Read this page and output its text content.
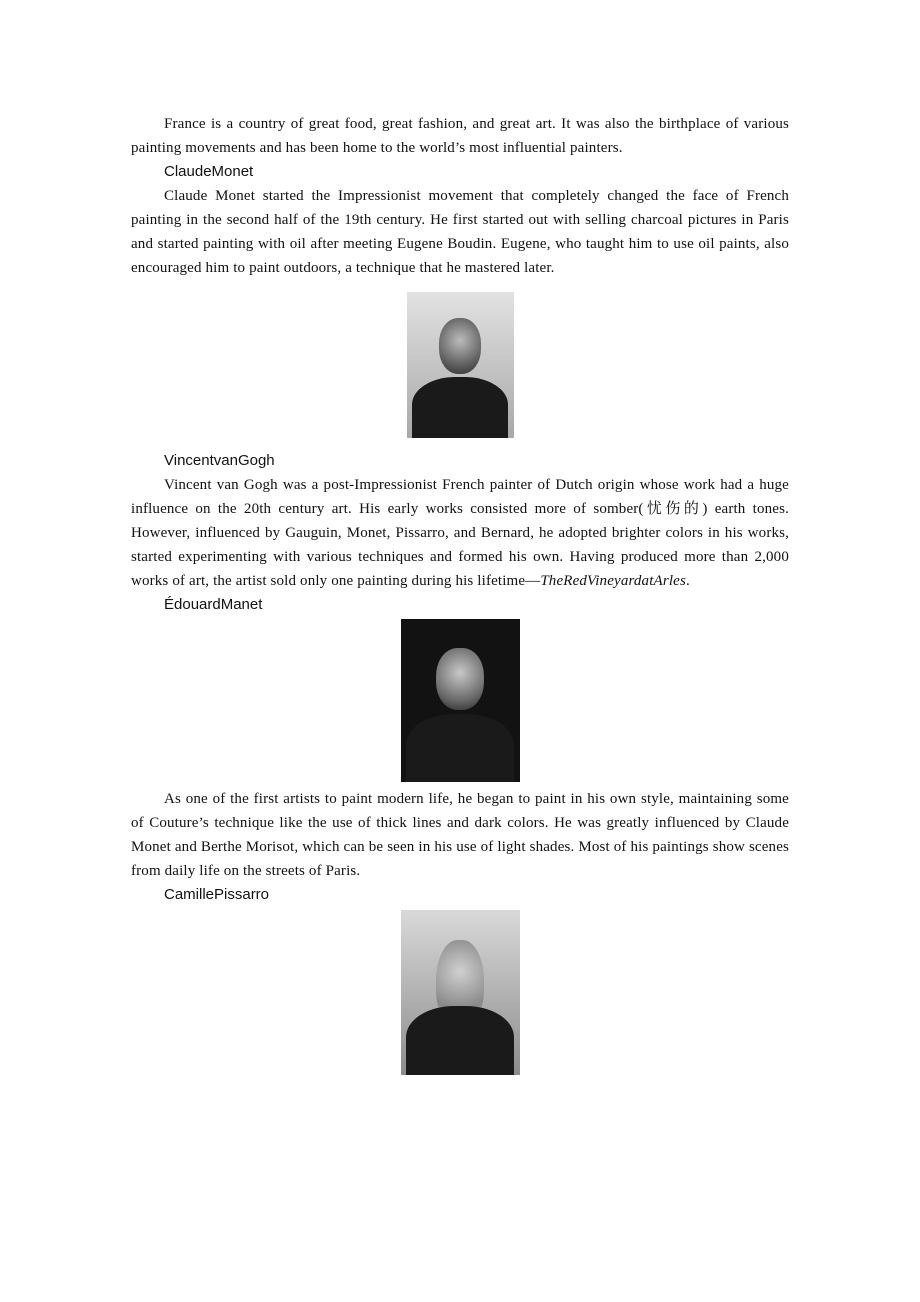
France is a country of great food, great fashion, and great art. It was also the birthplace of various painting movements and has been home to the world’s most influential painters.

ClaudeMonet

Claude Monet started the Impressionist movement that completely changed the face of French painting in the second half of the 19th century. He first started out with selling charcoal pictures in Paris and started painting with oil after meeting Eugene Boudin. Eugene, who taught him to use oil paints, also encouraged him to paint outdoors, a technique that he mastered later.

VincentvanGogh

Vincent van Gogh was a post-Impressionist French painter of Dutch origin whose work had a huge influence on the 20th century art. His early works consisted more of somber(忧伤的) earth tones. However, influenced by Gauguin, Monet, Pissarro, and Bernard, he adopted brighter colors in his works, started experimenting with various techniques and formed his own. Having produced more than 2,000 works of art, the artist sold only one painting during his lifetime—TheRedVineyardatArles.

ÉdouardManet

As one of the first artists to paint modern life, he began to paint in his own style, maintaining some of Couture’s technique like the use of thick lines and dark colors. He was greatly influenced by Claude Monet and Berthe Morisot, which can be seen in his use of light shades. Most of his paintings show scenes from daily life on the streets of Paris.

CamillePissarro
